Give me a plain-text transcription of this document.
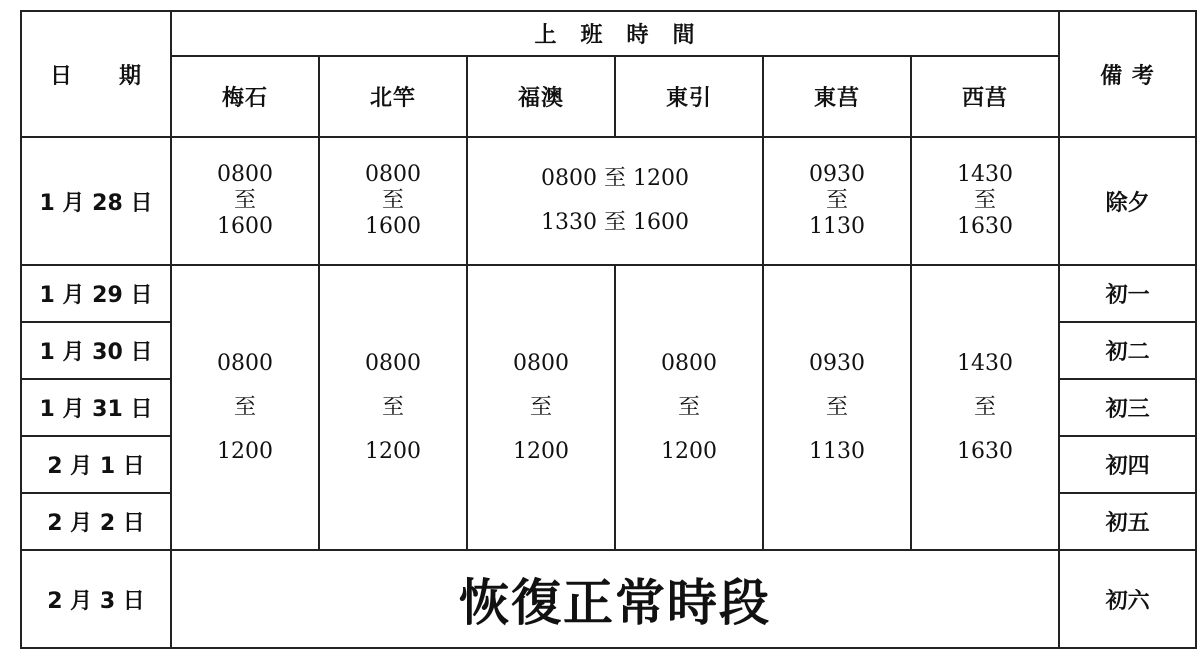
日　　期	上　班　時　間						備 考
	梅石	北竿	福澳	東引	東莒	西莒	
1 月 28 日	0800
至
1600	0800
至
1600	0800 至 1200
1330 至 1600		0930
至
1130	1430
至
1630	除夕
1 月 29 日	0800
至
1200	0800
至
1200	0800
至
1200	0800
至
1200	0930
至
1130	1430
至
1630	初一
1 月 30 日							初二
1 月 31 日							初三
2 月 1 日							初四
2 月 2 日							初五
2 月 3 日	恢復正常時段						初六
